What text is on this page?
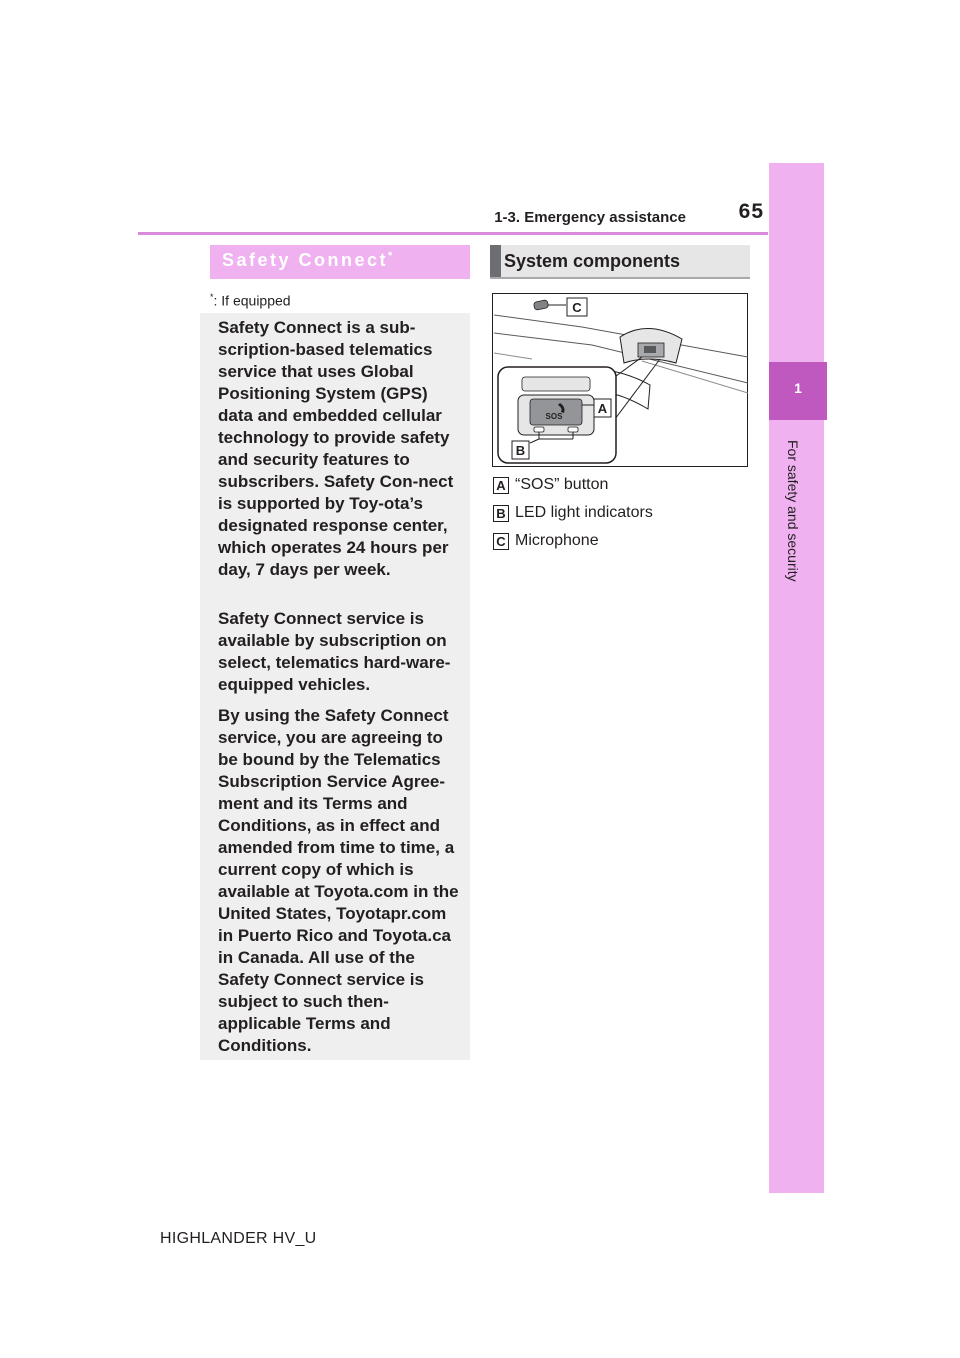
1-3. Emergency assistance	65
1
For safety and security
Safety Connect*
*: If equipped

Safety Connect is a sub-scription-based telematics service that uses Global Positioning System (GPS) data and embedded cellular technology to provide safety and security features to subscribers. Safety Con-nect is supported by Toy-ota’s designated response center, which operates 24 hours per day, 7 days per week.

Safety Connect service is available by subscription on select, telematics hard-ware-equipped vehicles.

By using the Safety Connect service, you are agreeing to be bound by the Telematics Subscription Service Agree-ment and its Terms and Conditions, as in effect and amended from time to time, a current copy of which is available at Toyota.com in the United States, Toyotapr.com in Puerto Rico and Toyota.ca in Canada. All use of the Safety Connect service is subject to such then-applicable Terms and Conditions.

System components
SOS
A
B
C
A “SOS” button
B LED light indicators
C Microphone
HIGHLANDER HV_U
